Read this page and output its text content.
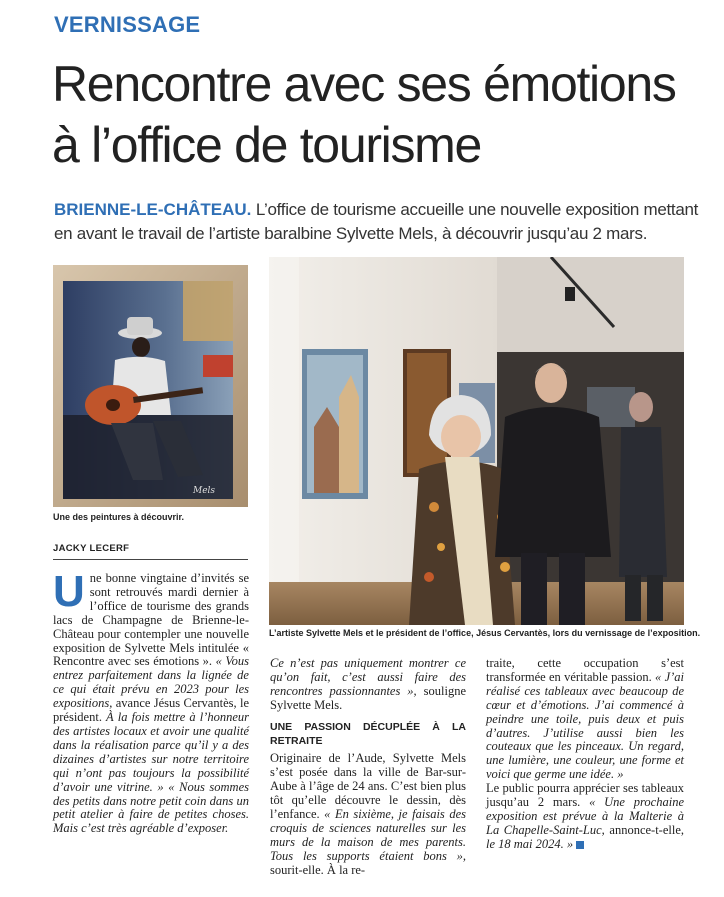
VERNISSAGE
Rencontre avec ses émotions
à l’office de tourisme

BRIENNE-LE-CHÂTEAU. L’office de tourisme accueille une nouvelle exposition mettant en avant le travail de l’artiste baralbine Sylvette Mels, à découvrir jusqu’au 2 mars.

Mels
Une des peintures à découvrir.
L’artiste Sylvette Mels et le président de l’office, Jésus Cervantès, lors du vernissage de l’exposition.
JACKY LECERF

Une bonne vingtaine d’invités se sont retrouvés mardi dernier à l’office de tourisme des grands lacs de Champagne de Brienne-le-Château pour contempler une nouvelle exposition de Sylvette Mels intitulée « Rencontre avec ses émotions ». « Vous entrez parfaitement dans la lignée de ce qui était prévu en 2023 pour les expositions, avance Jésus Cervantès, le président. À la fois mettre à l’honneur des artistes locaux et avoir une qualité dans la réalisation parce qu’il y a des dizaines d’artistes sur notre territoire qui n’ont pas toujours la possibilité d’avoir une vitrine. » « Nous sommes des petits dans notre petit coin dans un petit atelier à faire de petites choses. Mais c’est très agréable d’exposer.

Ce n’est pas uniquement montrer ce qu’on fait, c’est aussi faire des rencontres passionnantes », souligne Sylvette Mels.

UNE PASSION DÉCUPLÉE À LA RETRAITE

Originaire de l’Aude, Sylvette Mels s’est posée dans la ville de Bar-sur-Aube à l’âge de 24 ans. C’est bien plus tôt qu’elle découvre le dessin, dès l’enfance. « En sixième, je faisais des croquis de sciences naturelles sur les murs de la maison de mes parents. Tous les supports étaient bons », sourit-elle. À la re-

traite, cette occupation s’est transformée en véritable passion. « J’ai réalisé ces tableaux avec beaucoup de cœur et d’émotions. J’ai commencé à peindre une toile, puis deux et puis d’autres. J’utilise aussi bien les couteaux que les pinceaux. Un regard, une lumière, une couleur, une forme et voici que germe une idée. »

Le public pourra apprécier ses tableaux jusqu’au 2 mars. « Une prochaine exposition est prévue à la Malterie à La Chapelle-Saint-Luc, annonce-t-elle, le 18 mai 2024. »
